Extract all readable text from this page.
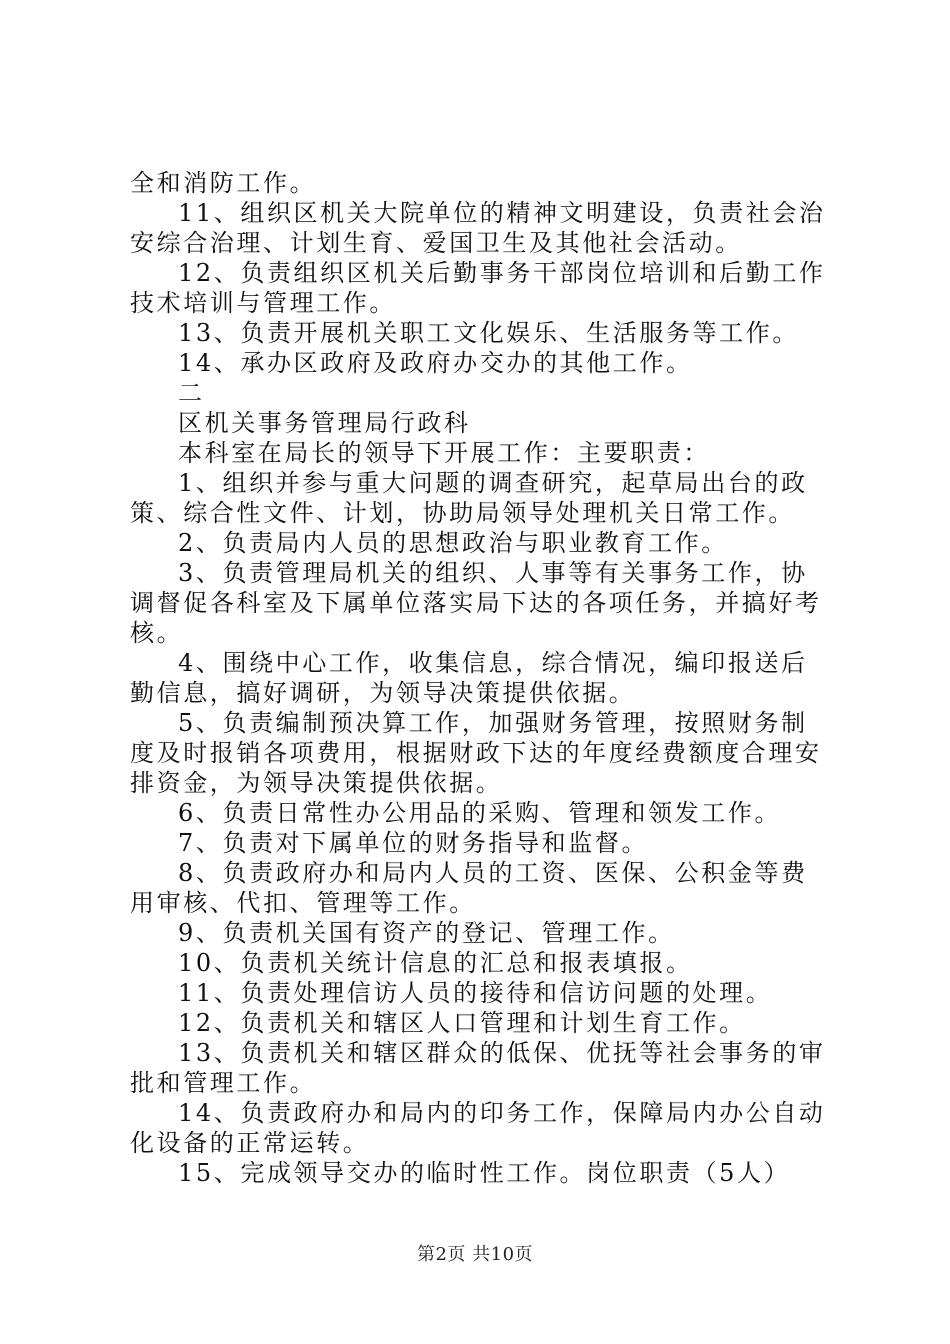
全和消防工作。

11、组织区机关大院单位的精神文明建设，负责社会治安综合治理、计划生育、爱国卫生及其他社会活动。

12、负责组织区机关后勤事务干部岗位培训和后勤工作技术培训与管理工作。

13、负责开展机关职工文化娱乐、生活服务等工作。

14、承办区政府及政府办交办的其他工作。

二

区机关事务管理局行政科

本科室在局长的领导下开展工作：主要职责：

1、组织并参与重大问题的调查研究，起草局出台的政策、综合性文件、计划，协助局领导处理机关日常工作。

2、负责局内人员的思想政治与职业教育工作。

3、负责管理局机关的组织、人事等有关事务工作，协调督促各科室及下属单位落实局下达的各项任务，并搞好考核。

4、围绕中心工作，收集信息，综合情况，编印报送后勤信息，搞好调研，为领导决策提供依据。

5、负责编制预决算工作，加强财务管理，按照财务制度及时报销各项费用，根据财政下达的年度经费额度合理安排资金，为领导决策提供依据。

6、负责日常性办公用品的采购、管理和领发工作。

7、负责对下属单位的财务指导和监督。

8、负责政府办和局内人员的工资、医保、公积金等费用审核、代扣、管理等工作。

9、负责机关国有资产的登记、管理工作。

10、负责机关统计信息的汇总和报表填报。

11、负责处理信访人员的接待和信访问题的处理。

12、负责机关和辖区人口管理和计划生育工作。

13、负责机关和辖区群众的低保、优抚等社会事务的审批和管理工作。

14、负责政府办和局内的印务工作，保障局内办公自动化设备的正常运转。

15、完成领导交办的临时性工作。岗位职责（5人）

第2页 共10页
